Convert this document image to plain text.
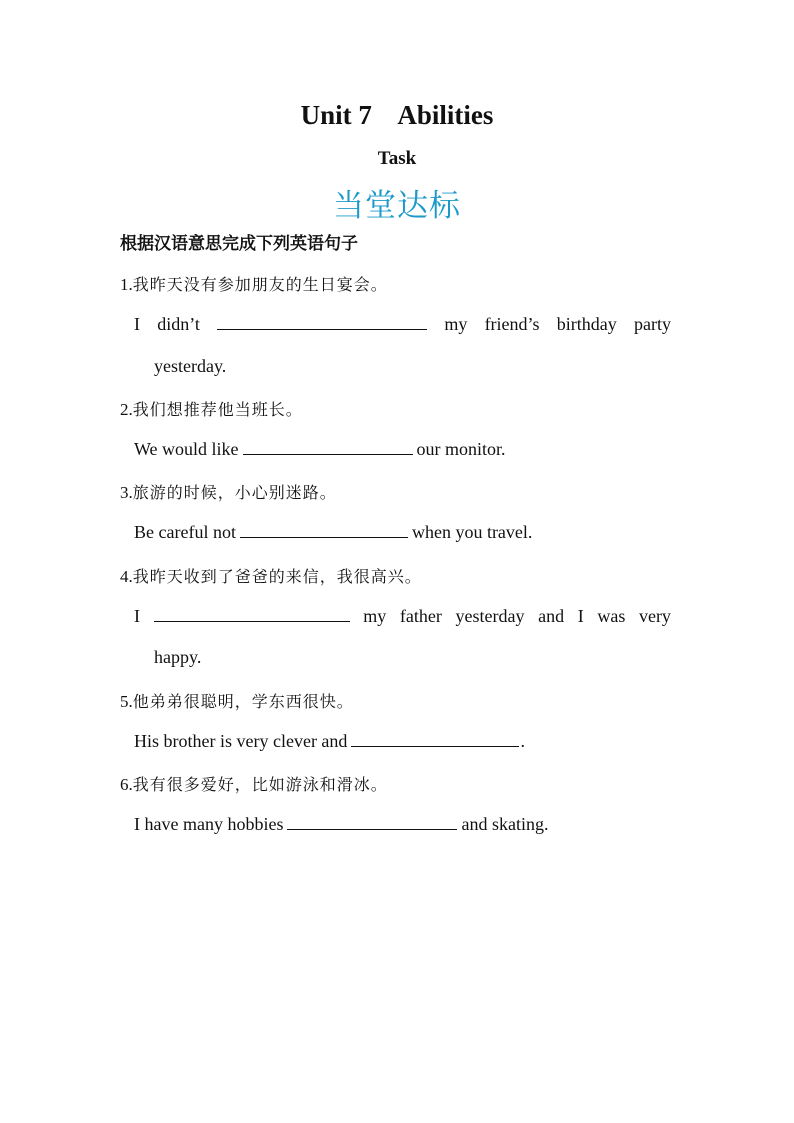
Unit 7    Abilities
Task
当堂达标
根据汉语意思完成下列英语句子
1.我昨天没有参加朋友的生日宴会。
I didn’t	my friend’s birthday party
yesterday.
2.我们想推荐他当班长。
We would like	our monitor.
3.旅游的时候，小心别迷路。
Be careful not	when you travel.
4.我昨天收到了爸爸的来信，我很高兴。
I	my father yesterday and I was very
happy.
5.他弟弟很聪明，学东西很快。
His brother is very clever and	.
6.我有很多爱好，比如游泳和滑冰。
I have many hobbies	and skating.
